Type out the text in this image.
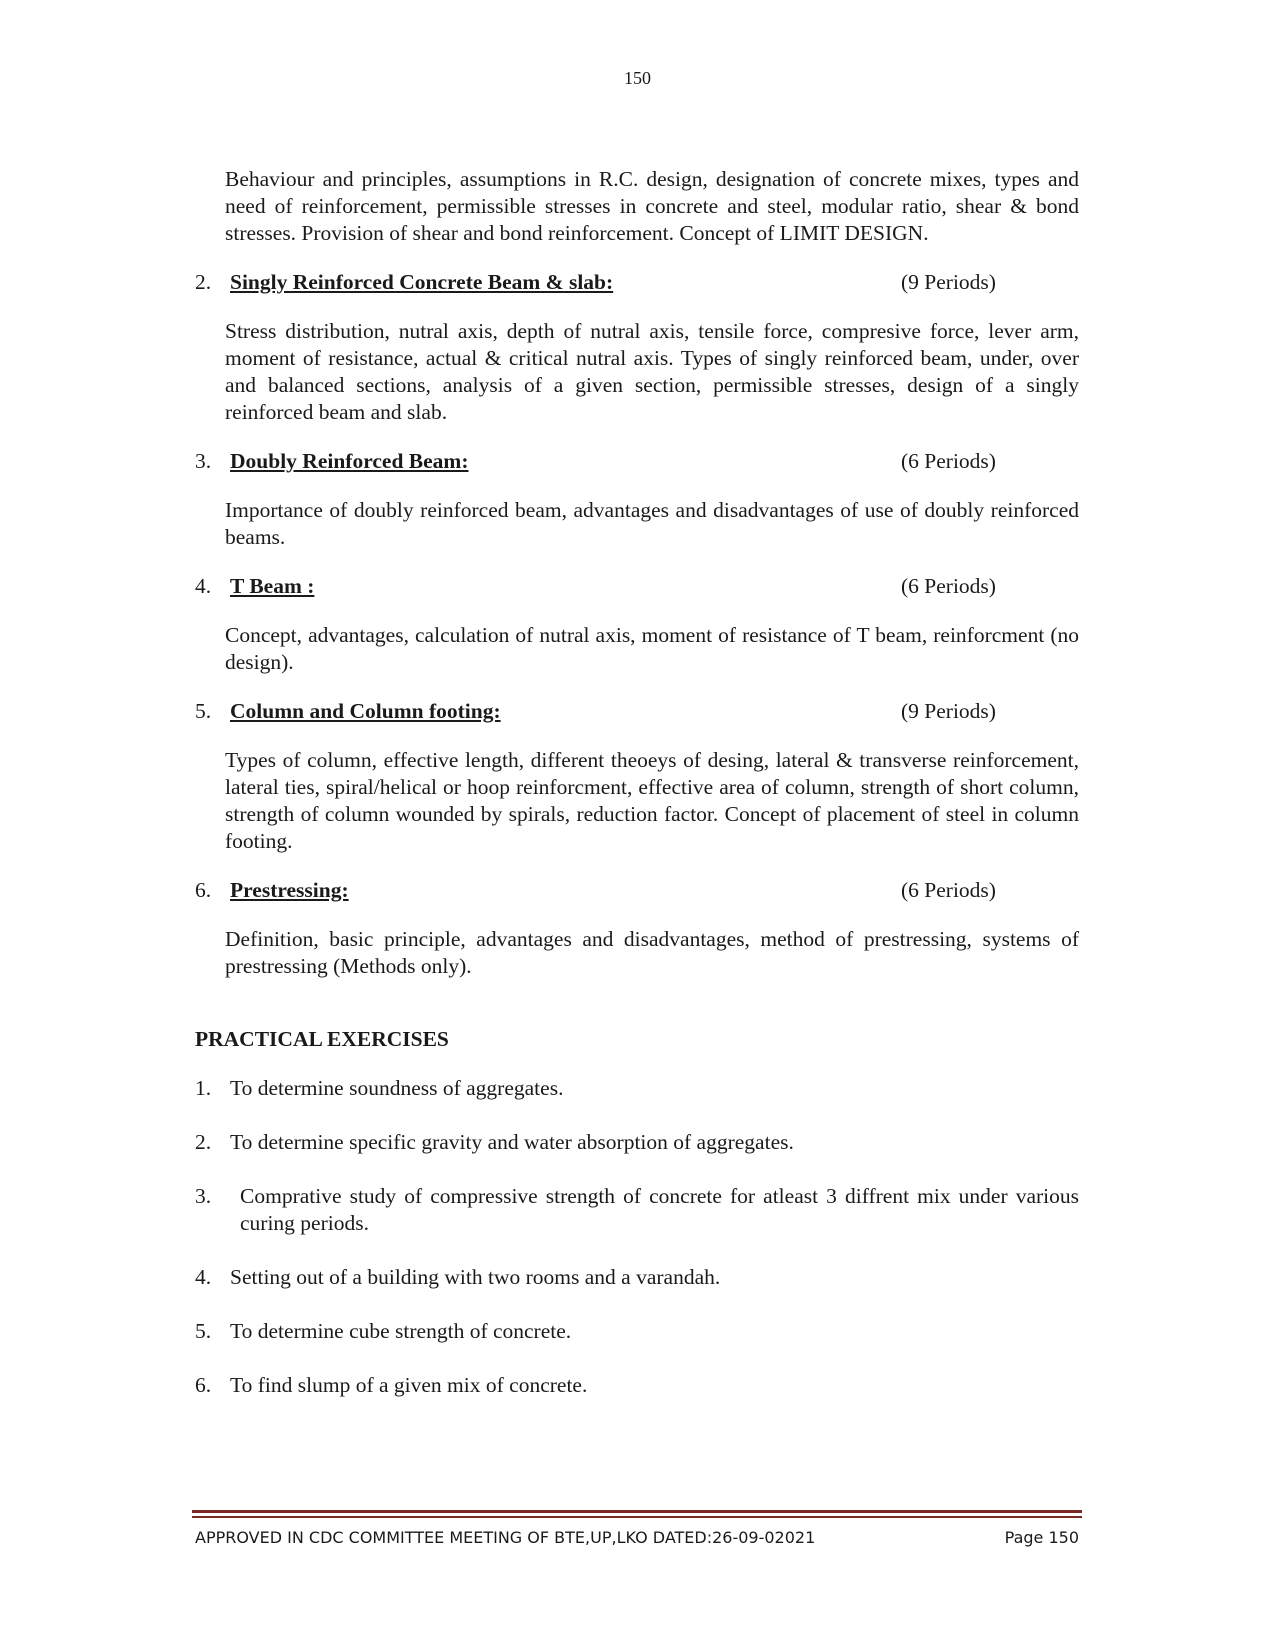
150

Behaviour and principles, assumptions in R.C. design, designation of concrete mixes, types and need of reinforcement, permissible stresses in concrete and steel, modular ratio, shear & bond stresses. Provision of shear and bond reinforcement. Concept of LIMIT DESIGN.

2. Singly Reinforced Concrete Beam & slab:	(9 Periods)

Stress distribution, nutral axis, depth of nutral axis, tensile force, compresive force, lever arm, moment of resistance, actual & critical nutral axis. Types of singly reinforced beam, under, over and balanced sections, analysis of a given section, permissible stresses, design of a singly reinforced beam and slab.

3. Doubly Reinforced Beam:	(6 Periods)

Importance of doubly reinforced beam, advantages and disadvantages of use of doubly reinforced beams.

4. T Beam :	(6 Periods)

Concept, advantages, calculation of nutral axis, moment of resistance of T beam, reinforcment (no design).

5. Column and Column footing:	(9 Periods)

Types of column, effective length, different theoeys of desing, lateral & transverse reinforcement, lateral ties, spiral/helical or hoop reinforcment, effective area of column, strength of short column, strength of column wounded by spirals, reduction factor. Concept of placement of steel in column footing.

6. Prestressing:	(6 Periods)

Definition, basic principle, advantages and disadvantages, method of prestressing, systems of prestressing (Methods only).

PRACTICAL EXERCISES
1. To determine soundness of aggregates.
2. To determine specific gravity and water absorption of aggregates.
3.	Comprative study of compressive strength of concrete for atleast 3 diffrent mix under various curing periods.
4. Setting out of a building with two rooms and a varandah.
5. To determine cube strength of concrete.
6. To find slump of a given mix of concrete.
APPROVED IN CDC COMMITTEE MEETING OF BTE,UP,LKO DATED:26-09-02021	Page 150
